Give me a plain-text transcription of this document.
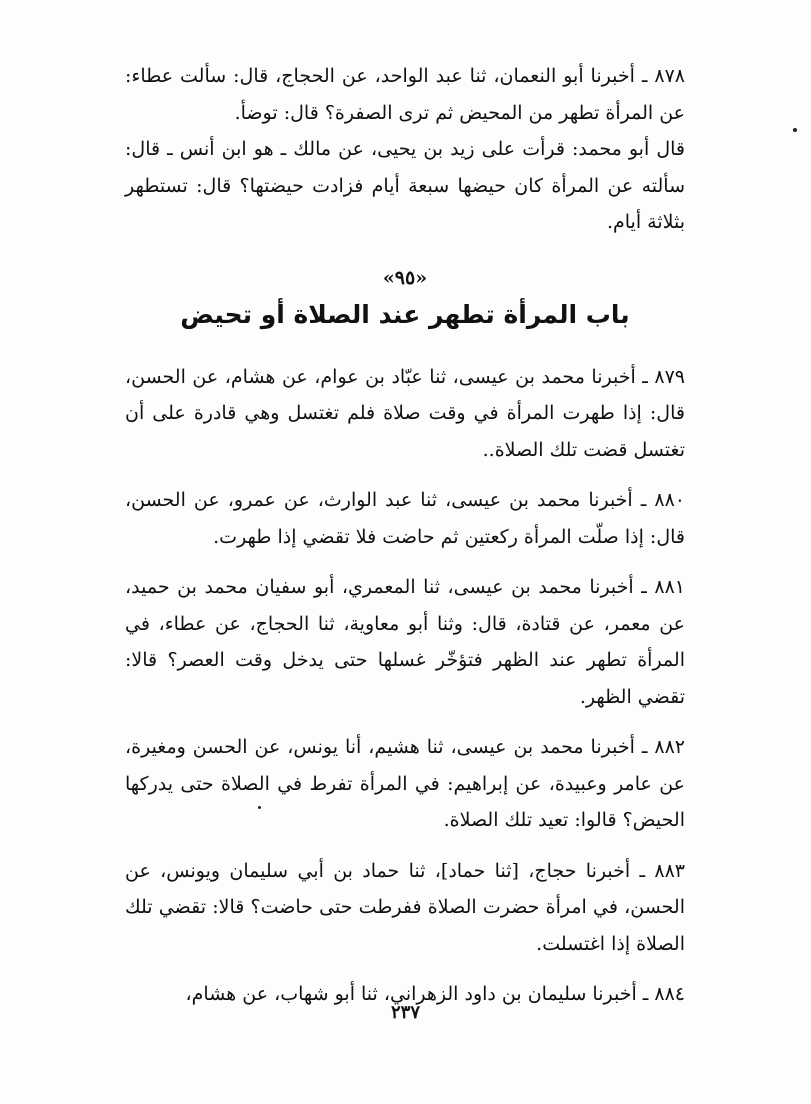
٨٧٨ ـ أخبرنا أبو النعمان، ثنا عبد الواحد، عن الحجاج، قال: سألت عطاء: عن المرأة تطهر من المحيض ثم ترى الصفرة؟ قال: توضأ.

قال أبو محمد: قرأت على زيد بن يحيى، عن مالك ـ هو ابن أنس ـ قال: سألته عن المرأة كان حيضها سبعة أيام فزادت حيضتها؟ قال: تستطهر بثلاثة أيام.

«٩٥»
باب المرأة تطهر عند الصلاة أو تحيض

٨٧٩ ـ أخبرنا محمد بن عيسى، ثنا عبّاد بن عوام، عن هشام، عن الحسن، قال: إذا طهرت المرأة في وقت صلاة فلم تغتسل وهي قادرة على أن تغتسل قضت تلك الصلاة..

٨٨٠ ـ أخبرنا محمد بن عيسى، ثنا عبد الوارث، عن عمرو، عن الحسن، قال: إذا صلّت المرأة ركعتين ثم حاضت فلا تقضي إذا طهرت.

٨٨١ ـ أخبرنا محمد بن عيسى، ثنا المعمري، أبو سفيان محمد بن حميد، عن معمر، عن قتادة، قال: وثنا أبو معاوية، ثنا الحجاج، عن عطاء، في المرأة تطهر عند الظهر فتؤخّر غسلها حتى يدخل وقت العصر؟ قالا: تقضي الظهر.

٨٨٢ ـ أخبرنا محمد بن عيسى، ثنا هشيم، أنا يونس، عن الحسن ومغيرة، عن عامر وعبيدة، عن إبراهيم: في المرأة تفرط في الصلاة حتى يدركها الحيض؟ قالوا: تعيد تلك الصلاة.

٨٨٣ ـ أخبرنا حجاج، [ثنا حماد]، ثنا حماد بن أبي سليمان ويونس، عن الحسن، في امرأة حضرت الصلاة ففرطت حتى حاضت؟ قالا: تقضي تلك الصلاة إذا اغتسلت.

٨٨٤ ـ أخبرنا سليمان بن داود الزهراني، ثنا أبو شهاب، عن هشام،

٢٣٧
